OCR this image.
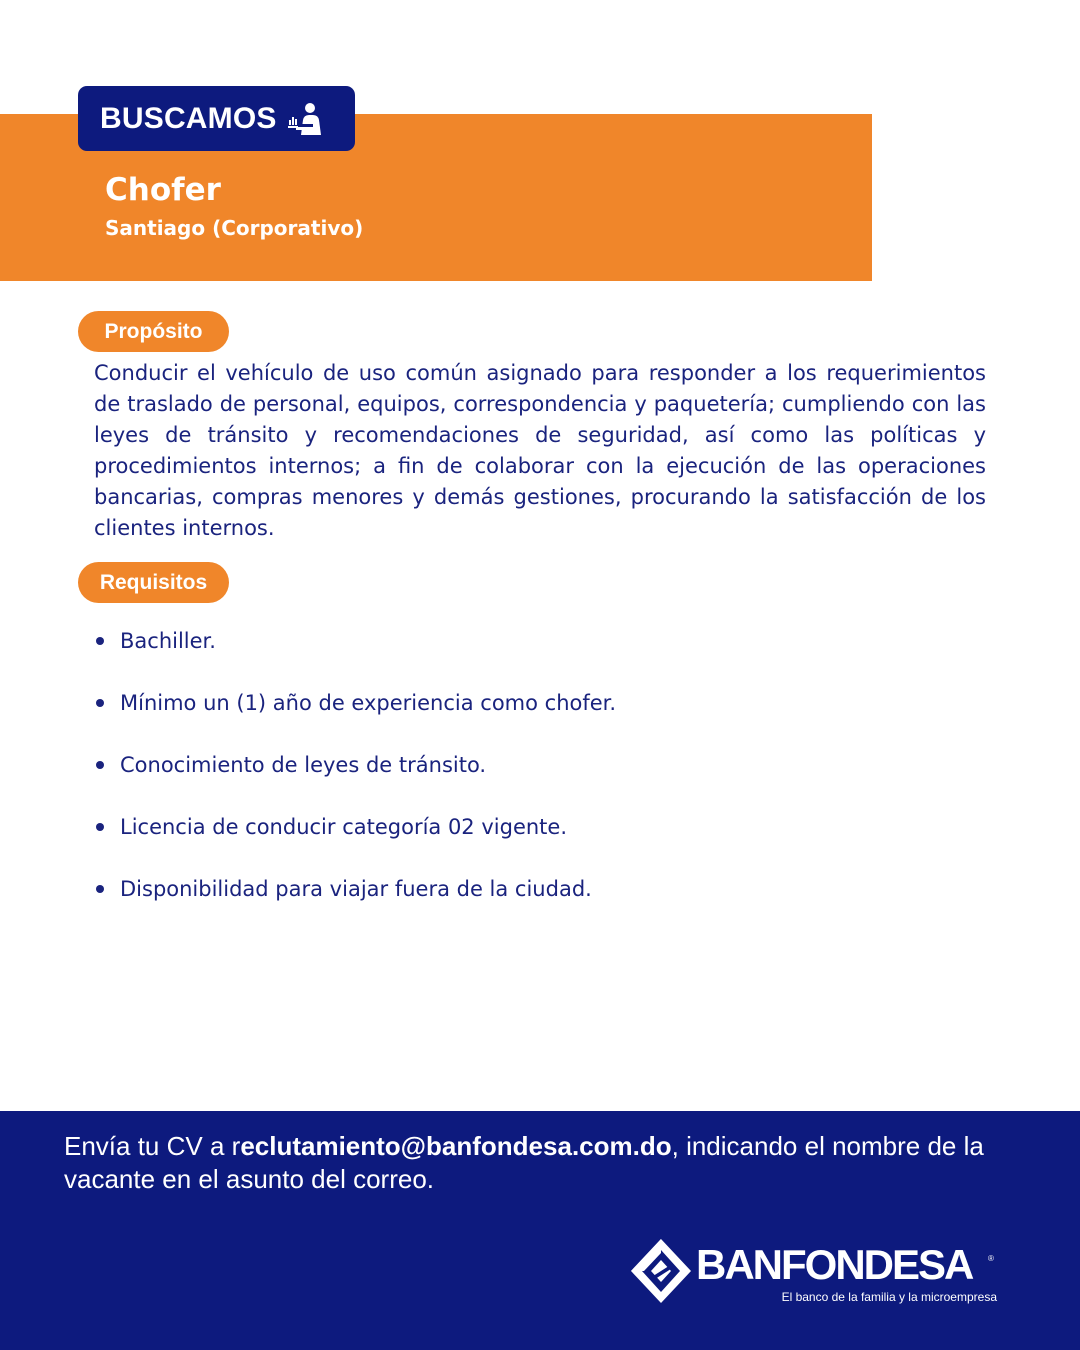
BUSCAMOS
Chofer
Santiago (Corporativo)
Propósito

Conducir el vehículo de uso común asignado para responder a los requerimientos de traslado de personal, equipos, correspondencia y paquetería; cumpliendo con las leyes de tránsito y recomendaciones de seguridad, así como las políticas y procedimientos internos; a fin de colaborar con la ejecución de las operaciones bancarias, compras menores y demás gestiones, procurando la satisfacción de los clientes internos.

Requisitos
Bachiller.
Mínimo un (1) año de experiencia como chofer.
Conocimiento de leyes de tránsito.
Licencia de conducir categoría 02 vigente.
Disponibilidad para viajar fuera de la ciudad.

Envía tu CV a reclutamiento@banfondesa.com.do, indicando el nombre de la vacante en el asunto del correo.

BANFONDESA ®
El banco de la familia y la microempresa
